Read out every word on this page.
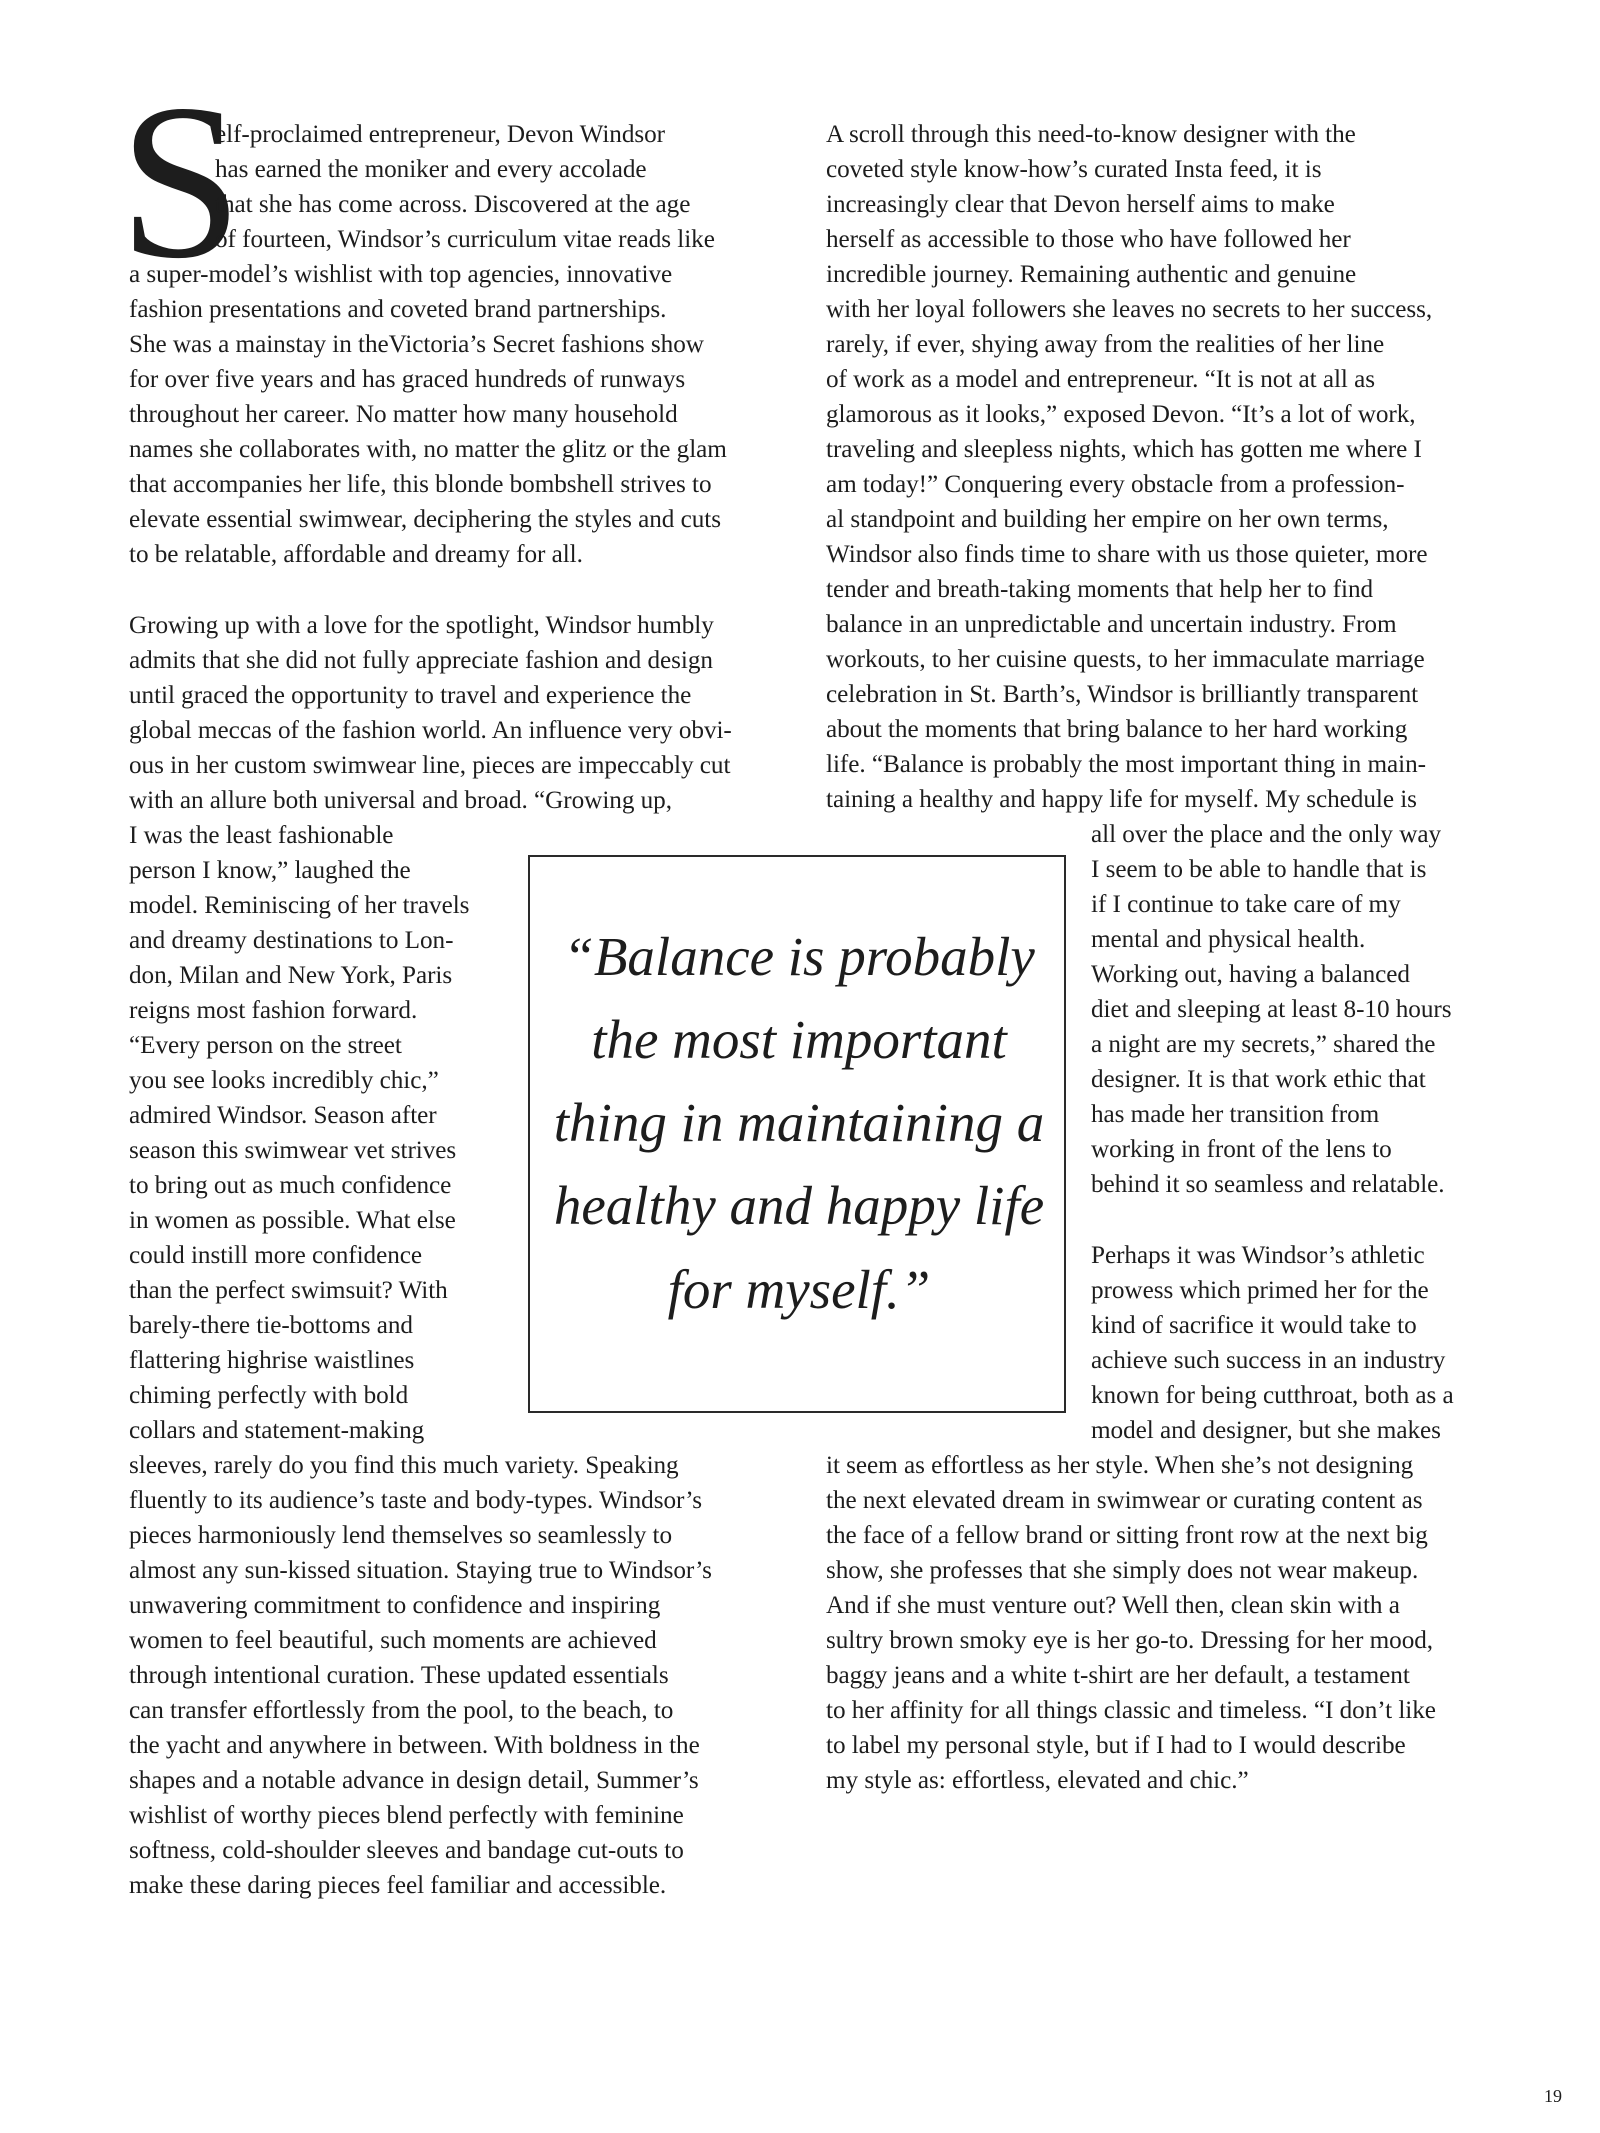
S

elf-proclaimed entrepreneur, Devon Windsor

has earned the moniker and every accolade

that she has come across. Discovered at the age

of fourteen, Windsor’s curriculum vitae reads like

a super-model’s wishlist with top agencies, innovative

fashion presentations and coveted brand partnerships.

She was a mainstay in theVictoria’s Secret fashions show

for over five years and has graced hundreds of runways

throughout her career. No matter how many household

names she collaborates with, no matter the glitz or the glam

that accompanies her life, this blonde bombshell strives to

elevate essential swimwear, deciphering the styles and cuts

to be relatable, affordable and dreamy for all.

Growing up with a love for the spotlight, Windsor humbly

admits that she did not fully appreciate fashion and design

until graced the opportunity to travel and experience the

global meccas of the fashion world. An influence very obvi-

ous in her custom swimwear line, pieces are impeccably cut

with an allure both universal and broad. “Growing up,

I was the least fashionable

person I know,” laughed the

model. Reminiscing of her travels

and dreamy destinations to Lon-

don, Milan and New York, Paris

reigns most fashion forward.

“Every person on the street

you see looks incredibly chic,”

admired Windsor. Season after

season this swimwear vet strives

to bring out as much confidence

in women as possible. What else

could instill more confidence

than the perfect swimsuit? With

barely-there tie-bottoms and

flattering highrise waistlines

chiming perfectly with bold

collars and statement-making

sleeves, rarely do you find this much variety. Speaking

fluently to its audience’s taste and body-types. Windsor’s

pieces harmoniously lend themselves so seamlessly to

almost any sun-kissed situation. Staying true to Windsor’s

unwavering commitment to confidence and inspiring

women to feel beautiful, such moments are achieved

through intentional curation. These updated essentials

can transfer effortlessly from the pool, to the beach, to

the yacht and anywhere in between. With boldness in the

shapes and a notable advance in design detail, Summer’s

wishlist of worthy pieces blend perfectly with feminine

softness, cold-shoulder sleeves and bandage cut-outs to

make these daring pieces feel familiar and accessible.

A scroll through this need-to-know designer with the

coveted style know-how’s curated Insta feed, it is

increasingly clear that Devon herself aims to make

herself as accessible to those who have followed her

incredible journey. Remaining authentic and genuine

with her loyal followers she leaves no secrets to her success,

rarely, if ever, shying away from the realities of her line

of work as a model and entrepreneur. “It is not at all as

glamorous as it looks,” exposed Devon. “It’s a lot of work,

traveling and sleepless nights, which has gotten me where I

am today!” Conquering every obstacle from a profession-

al standpoint and building her empire on her own terms,

Windsor also finds time to share with us those quieter, more

tender and breath-taking moments that help her to find

balance in an unpredictable and uncertain industry. From

workouts, to her cuisine quests, to her immaculate marriage

celebration in St. Barth’s, Windsor is brilliantly transparent

about the moments that bring balance to her hard working

life. “Balance is probably the most important thing in main-

taining a healthy and happy life for myself. My schedule is

all over the place and the only way

I seem to be able to handle that is

if I continue to take care of my

mental and physical health.

Working out, having a balanced

diet and sleeping at least 8-10 hours

a night are my secrets,” shared the

designer. It is that work ethic that

has made her transition from

working in front of the lens to

behind it so seamless and relatable.

Perhaps it was Windsor’s athletic

prowess which primed her for the

kind of sacrifice it would take to

achieve such success in an industry

known for being cutthroat, both as a

model and designer, but she makes

it seem as effortless as her style. When she’s not designing

the next elevated dream in swimwear or curating content as

the face of a fellow brand or sitting front row at the next big

show, she professes that she simply does not wear makeup.

And if she must venture out? Well then, clean skin with a

sultry brown smoky eye is her go-to. Dressing for her mood,

baggy jeans and a white t-shirt are her default, a testament

to her affinity for all things classic and timeless. “I don’t like

to label my personal style, but if I had to I would describe

my style as: effortless, elevated and chic.”

“Balance is probably

the most important

thing in maintaining a

healthy and happy life

for myself.”

19
